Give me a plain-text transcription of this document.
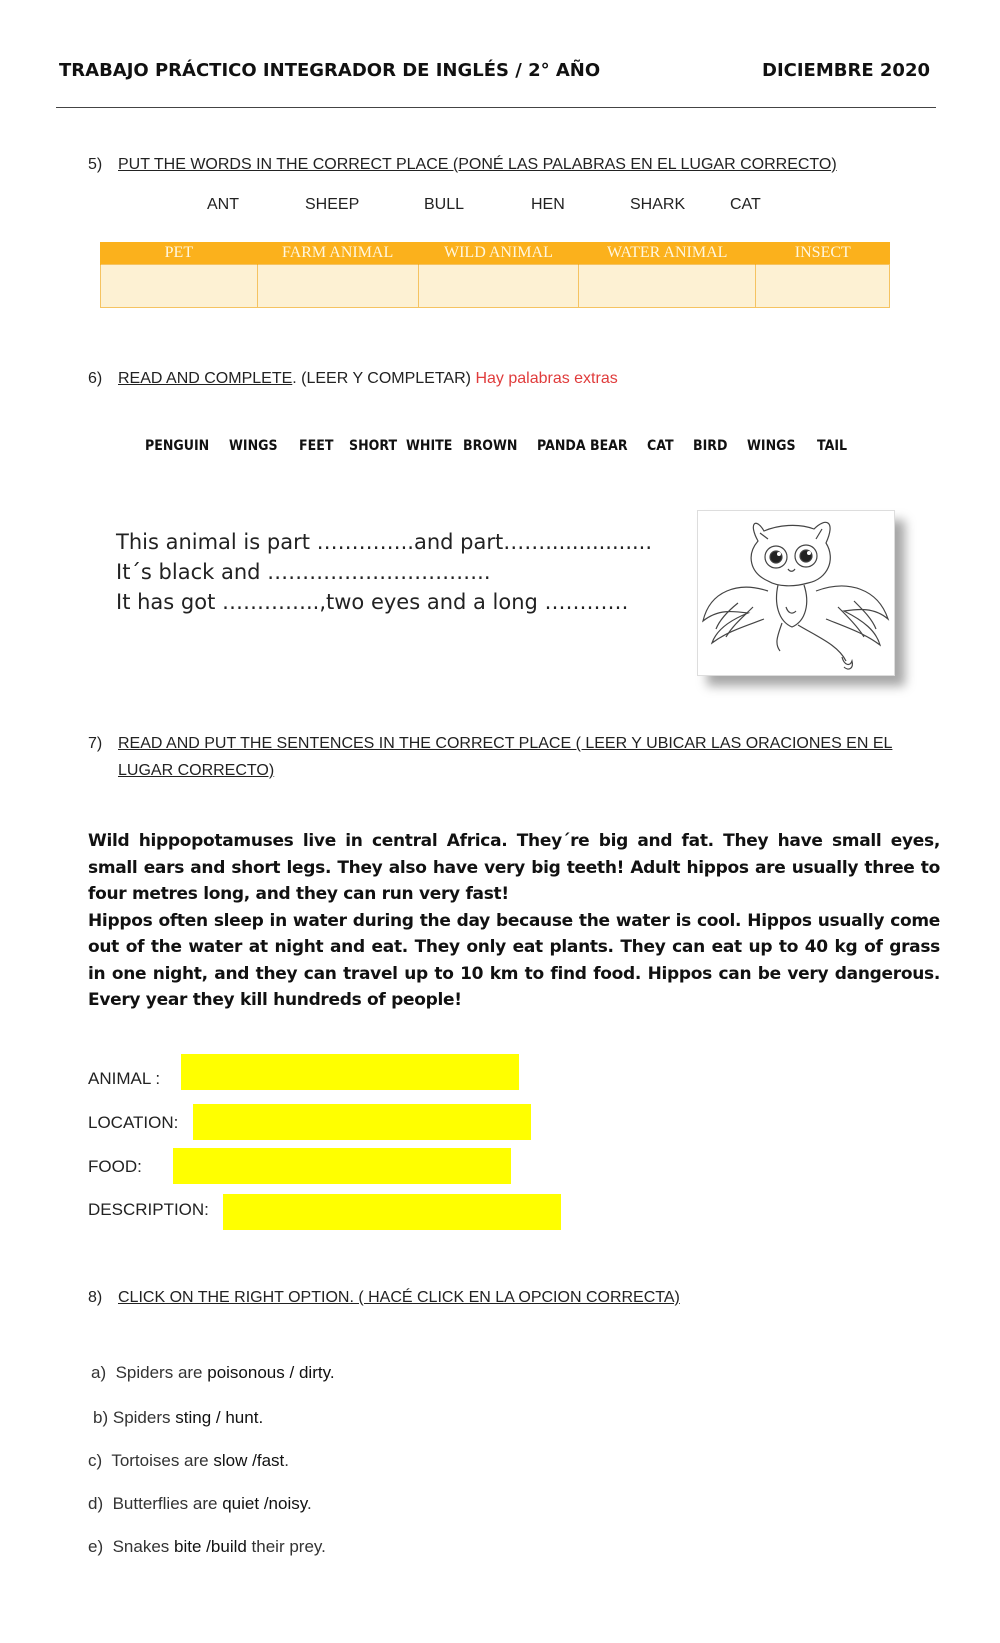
TRABAJO PRÁCTICO INTEGRADOR DE INGLÉS / 2° AÑO	DICIEMBRE 2020
5) PUT THE WORDS IN THE CORRECT PLACE (PONÉ LAS PALABRAS EN EL LUGAR CORRECTO)
ANT	SHEEP	BULL	HEN	SHARK	CAT
PET	FARM ANIMAL	WILD ANIMAL	WATER ANIMAL	INSECT

6) READ AND COMPLETE. (LEER Y COMPLETAR) Hay palabras extras
PENGUIN WINGS FEET SHORT WHITE BROWN PANDA BEAR CAT BIRD WINGS TAIL
This animal is part …………..and part……................
It´s black and …………………………..
It has got …………..,two eyes and a long …………
7) READ AND PUT THE SENTENCES IN THE CORRECT PLACE ( LEER Y UBICAR LAS ORACIONES EN EL
LUGAR CORRECTO)

Wild hippopotamuses live in central Africa. They´re big and fat. They have small eyes, small ears and short legs. They also have very big teeth! Adult hippos are usually three to four metres long, and they can run very fast!

Hippos often sleep in water during the day because the water is cool. Hippos usually come out of the water at night and eat. They only eat plants. They can eat up to 40 kg of grass in one night, and they can travel up to 10 km to find food. Hippos can be very dangerous. Every year they kill hundreds of people!

ANIMAL :
LOCATION:
FOOD:
DESCRIPTION:
8) CLICK ON THE RIGHT OPTION. ( HACÉ CLICK EN LA OPCION CORRECTA)
a) Spiders are poisonous / dirty.
b) Spiders sting / hunt.
c) Tortoises are slow /fast.
d) Butterflies are quiet /noisy.
e) Snakes bite /build their prey.
